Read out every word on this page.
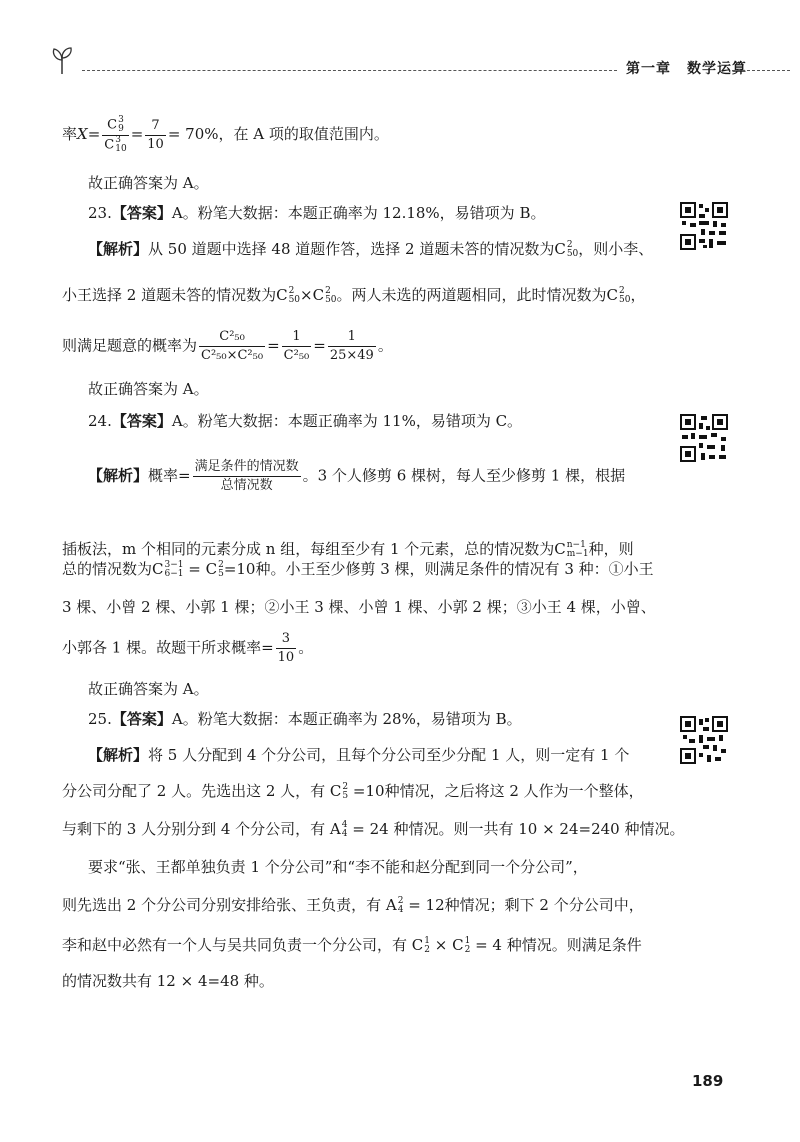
第一章 数学运算
率X= C 3
9
C 3
$10 = \frac{7}{10} = 70\%$，在 A 项的取值范围内。
故正确答案为 A。
23.【答案】A。粉笔大数据：本题正确率为 12.18%，易错项为 B。
【解析】从 50 道题中选择 48 道题作答，选择 2 道题未答的情况数为C 2
50 ，则小李、
小王选择 2 道题未答的情况数为C 2
50 ×C 2
50 。两人未选的两道题相同，此时情况数为C 2
50 ，
则满足题意的概率为 $\frac{\text{C²₅₀}}{\text{C²₅₀×C²₅₀}} = \frac{1}{\text{C²₅₀}} = \frac{1}{25\times 49}$ 。
故正确答案为 A。
24.【答案】A。粉笔大数据：本题正确率为 11%，易错项为 C。
【解析】概率= $\frac{\text{满足条件的情况数}}{\text{总情况数}}$ 。3 个人修剪 6 棵树，每人至少修剪 1 棵，根据
插板法，m 个相同的元素分成 n 组，每组至少有 1 个元素，总的情况数为C n−1
m−1 种，则
总的情况数为C 3−1
6−1 = C 2
5 =10种。小王至少修剪 3 棵，则满足条件的情况有 3 种：①小王
3 棵、小曾 2 棵、小郭 1 棵；②小王 3 棵、小曾 1 棵、小郭 2 棵；③小王 4 棵，小曾、
小郭各 1 棵。故题干所求概率= $\frac{3}{10}$ 。
故正确答案为 A。
25.【答案】A。粉笔大数据：本题正确率为 28%，易错项为 B。
【解析】将 5 人分配到 4 个分公司，且每个分公司至少分配 1 人，则一定有 1 个
分公司分配了 2 人。先选出这 2 人，有 C 2
5 =10种情况，之后将这 2 人作为一个整体，
与剩下的 3 人分别分到 4 个分公司，有 A 4
4 = 24 种情况。则一共有 10 × 24=240 种情况。
要求“张、王都单独负责 1 个分公司”和“李不能和赵分配到同一个分公司”，
则先选出 2 个分公司分别安排给张、王负责，有 A 2
4 = 12种情况；剩下 2 个分公司中，
李和赵中必然有一个人与吴共同负责一个分公司，有 C 1
2 × C 1
2 = 4 种情况。则满足条件
的情况数共有 12 × 4=48 种。
189
